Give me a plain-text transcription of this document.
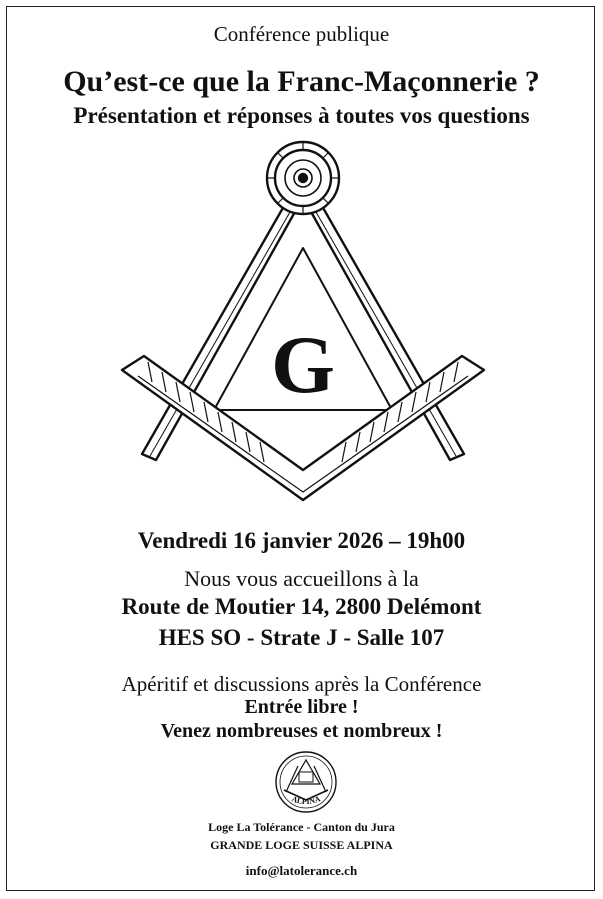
Conférence publique
Qu’est-ce que la Franc-Maçonnerie ?
Présentation et réponses à toutes vos questions
G
Vendredi 16 janvier 2026 – 19h00
Nous vous accueillons à la
Route de Moutier 14, 2800 Delémont
HES SO - Strate J - Salle 107
Apéritif et discussions après la Conférence
Entrée libre !
Venez nombreuses et nombreux !
ALPINA
Loge La Tolérance - Canton du Jura
GRANDE LOGE SUISSE ALPINA
info@latolerance.ch
